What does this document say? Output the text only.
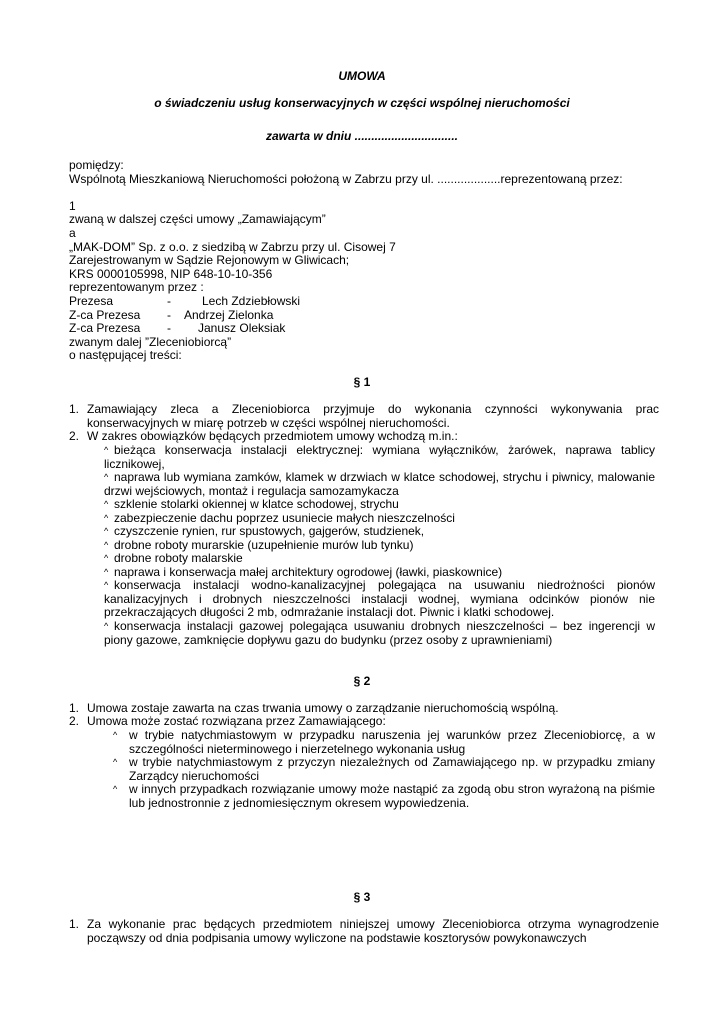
UMOWA
o świadczeniu usług konserwacyjnych w części wspólnej nieruchomości
zawarta w dniu ...............................
pomiędzy:
Wspólnotą Mieszkaniową Nieruchomości położoną w Zabrzu przy ul. ...................reprezentowaną przez:
1
zwaną w dalszej części umowy „Zamawiającym”
a
„MAK-DOM” Sp. z o.o. z siedzibą w Zabrzu przy ul. Cisowej 7
Zarejestrowanym w Sądzie Rejonowym w Gliwicach;
KRS 0000105998, NIP 648-10-10-356
reprezentowanym przez :
Prezesa	-	Lech Zdziebłowski
Z-ca Prezesa - Andrzej Zielonka
Z-ca Prezesa - Janusz Oleksiak
zwanym dalej ”Zleceniobiorcą”
o następującej treści:
§ 1
1. Zamawiający zleca a Zleceniobiorca przyjmuje do wykonania czynności wykonywania prac konserwacyjnych w miarę potrzeb w części wspólnej nieruchomości.
2. W zakres obowiązków będących przedmiotem umowy wchodzą m.in.:
^ bieżąca konserwacja instalacji elektrycznej: wymiana wyłączników, żarówek, naprawa tablicy licznikowej,
^ naprawa lub wymiana zamków, klamek w drzwiach w klatce schodowej, strychu i piwnicy, malowanie drzwi wejściowych, montaż i regulacja samozamykacza
^ szklenie stolarki okiennej w klatce schodowej, strychu
^ zabezpieczenie dachu poprzez usuniecie małych nieszczelności
^ czyszczenie rynien, rur spustowych, gajgerów, studzienek,
^ drobne roboty murarskie (uzupełnienie murów lub tynku)
^ drobne roboty malarskie
^ naprawa i konserwacja małej architektury ogrodowej (ławki, piaskownice)
^ konserwacja instalacji wodno-kanalizacyjnej polegająca na usuwaniu niedrożności pionów kanalizacyjnych i drobnych nieszczelności instalacji wodnej, wymiana odcinków pionów nie przekraczających długości 2 mb, odmrażanie instalacji dot. Piwnic i klatki schodowej.
^ konserwacja instalacji gazowej polegająca usuwaniu drobnych nieszczelności – bez ingerencji w piony gazowe, zamknięcie dopływu gazu do budynku (przez osoby z uprawnieniami)
§ 2
1. Umowa zostaje zawarta na czas trwania umowy o zarządzanie nieruchomością wspólną.
2. Umowa może zostać rozwiązana przez Zamawiającego:
^ w trybie natychmiastowym w przypadku naruszenia jej warunków przez Zleceniobiorcę, a w szczególności nieterminowego i nierzetelnego wykonania usług
^ w trybie natychmiastowym z przyczyn niezależnych od Zamawiającego np. w przypadku zmiany Zarządcy nieruchomości
^ w innych przypadkach rozwiązanie umowy może nastąpić za zgodą obu stron wyrażoną na piśmie lub jednostronnie z jednomiesięcznym okresem wypowiedzenia.
§ 3
1. Za wykonanie prac będących przedmiotem niniejszej umowy Zleceniobiorca otrzyma wynagrodzenie począwszy od dnia podpisania umowy wyliczone na podstawie kosztorysów powykonawczych
